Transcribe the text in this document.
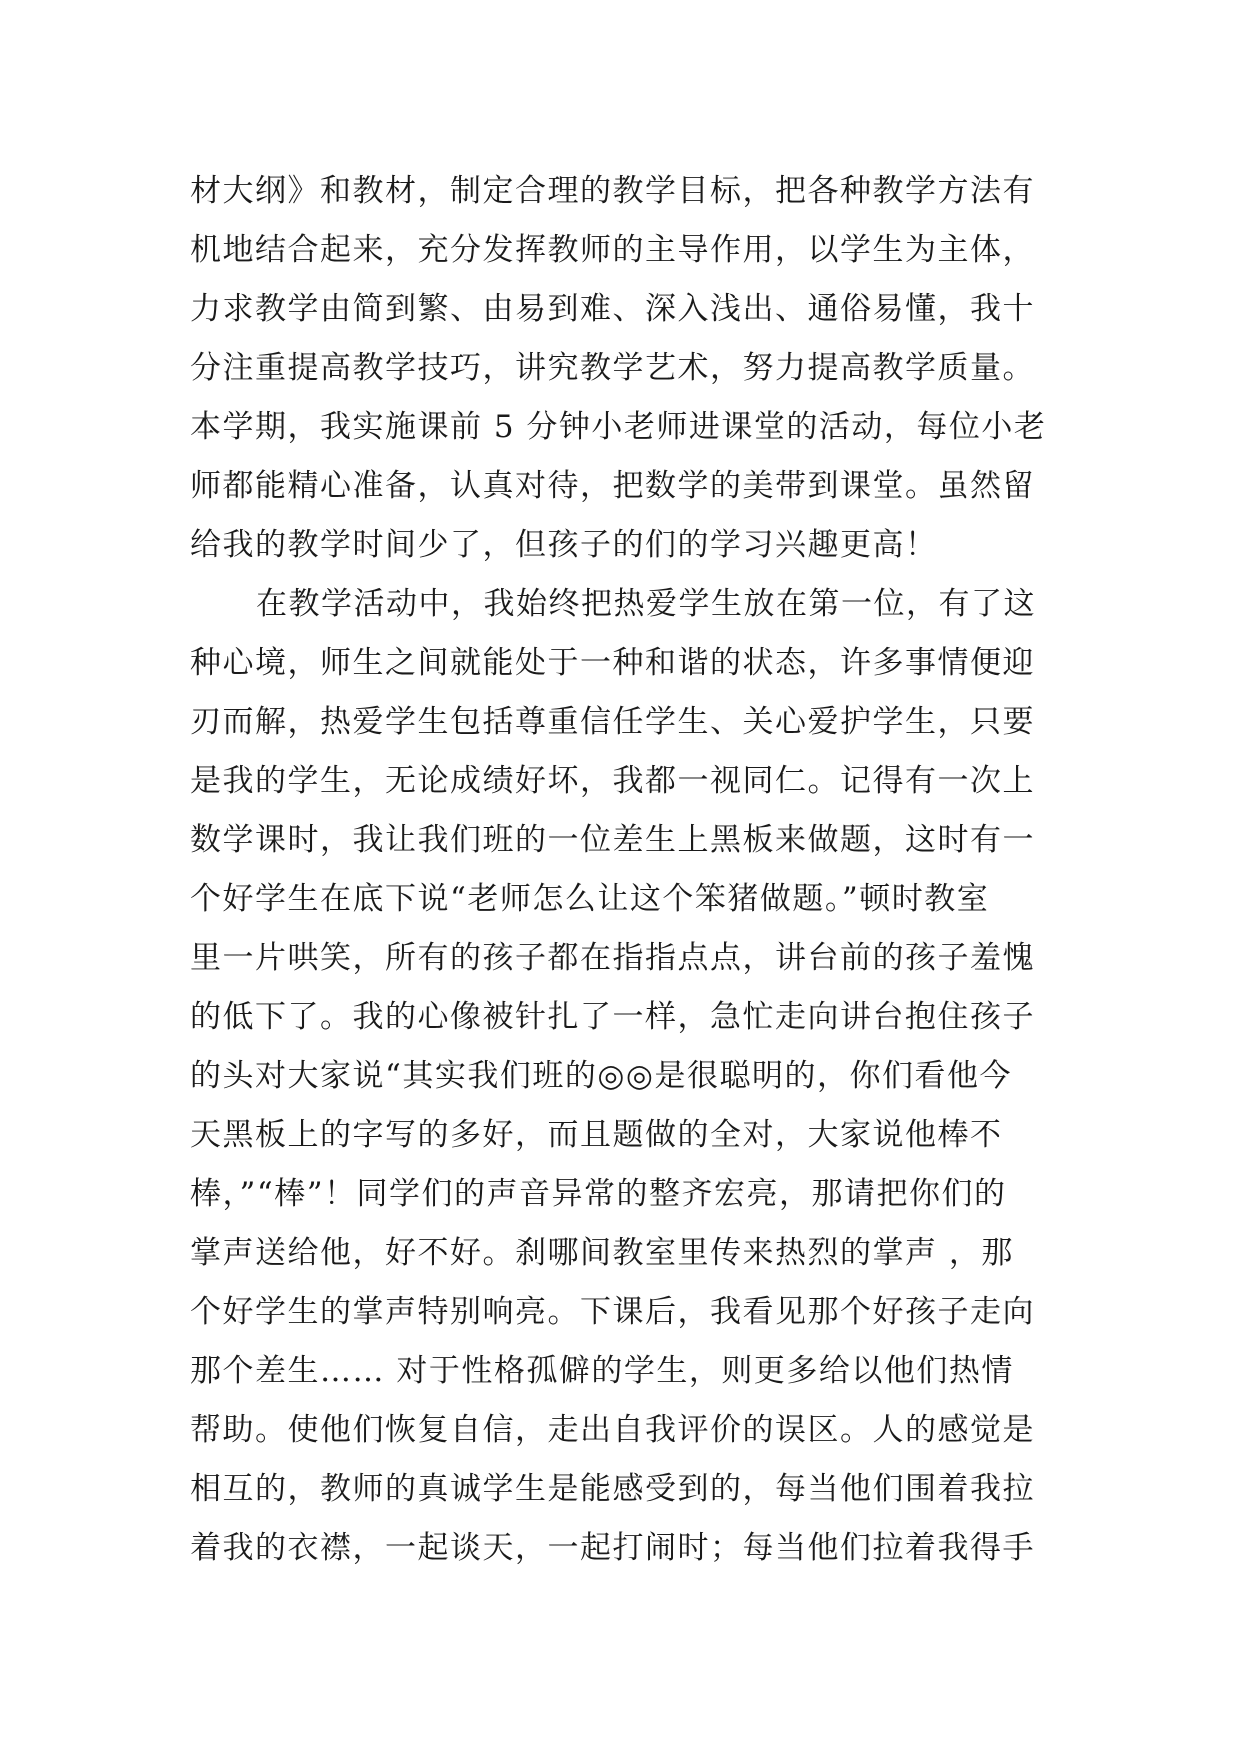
材大纲》和教材，制定合理的教学目标，把各种教学方法有

机地结合起来，充分发挥教师的主导作用，以学生为主体，

力求教学由简到繁、由易到难、深入浅出、通俗易懂，我十

分注重提高教学技巧，讲究教学艺术，努力提高教学质量。

本学期，我实施课前 5 分钟小老师进课堂的活动，每位小老

师都能精心准备，认真对待，把数学的美带到课堂。虽然留

给我的教学时间少了，但孩子的们的学习兴趣更高！

在教学活动中，我始终把热爱学生放在第一位，有了这

种心境，师生之间就能处于一种和谐的状态，许多事情便迎

刃而解，热爱学生包括尊重信任学生、关心爱护学生，只要

是我的学生，无论成绩好坏，我都一视同仁。记得有一次上

数学课时，我让我们班的一位差生上黑板来做题，这时有一

个好学生在底下说“老师怎么让这个笨猪做题。”顿时教室

里一片哄笑，所有的孩子都在指指点点，讲台前的孩子羞愧

的低下了。我的心像被针扎了一样，急忙走向讲台抱住孩子

的头对大家说“其实我们班的◎◎是很聪明的，你们看他今

天黑板上的字写的多好，而且题做的全对，大家说他棒不

棒，”“棒”！同学们的声音异常的整齐宏亮，那请把你们的

掌声送给他，好不好。刹哪间教室里传来热烈的掌声 ，那

个好学生的掌声特别响亮。下课后，我看见那个好孩子走向

那个差生…… 对于性格孤僻的学生，则更多给以他们热情

帮助。使他们恢复自信，走出自我评价的误区。人的感觉是

相互的，教师的真诚学生是能感受到的，每当他们围着我拉

着我的衣襟，一起谈天，一起打闹时；每当他们拉着我得手
